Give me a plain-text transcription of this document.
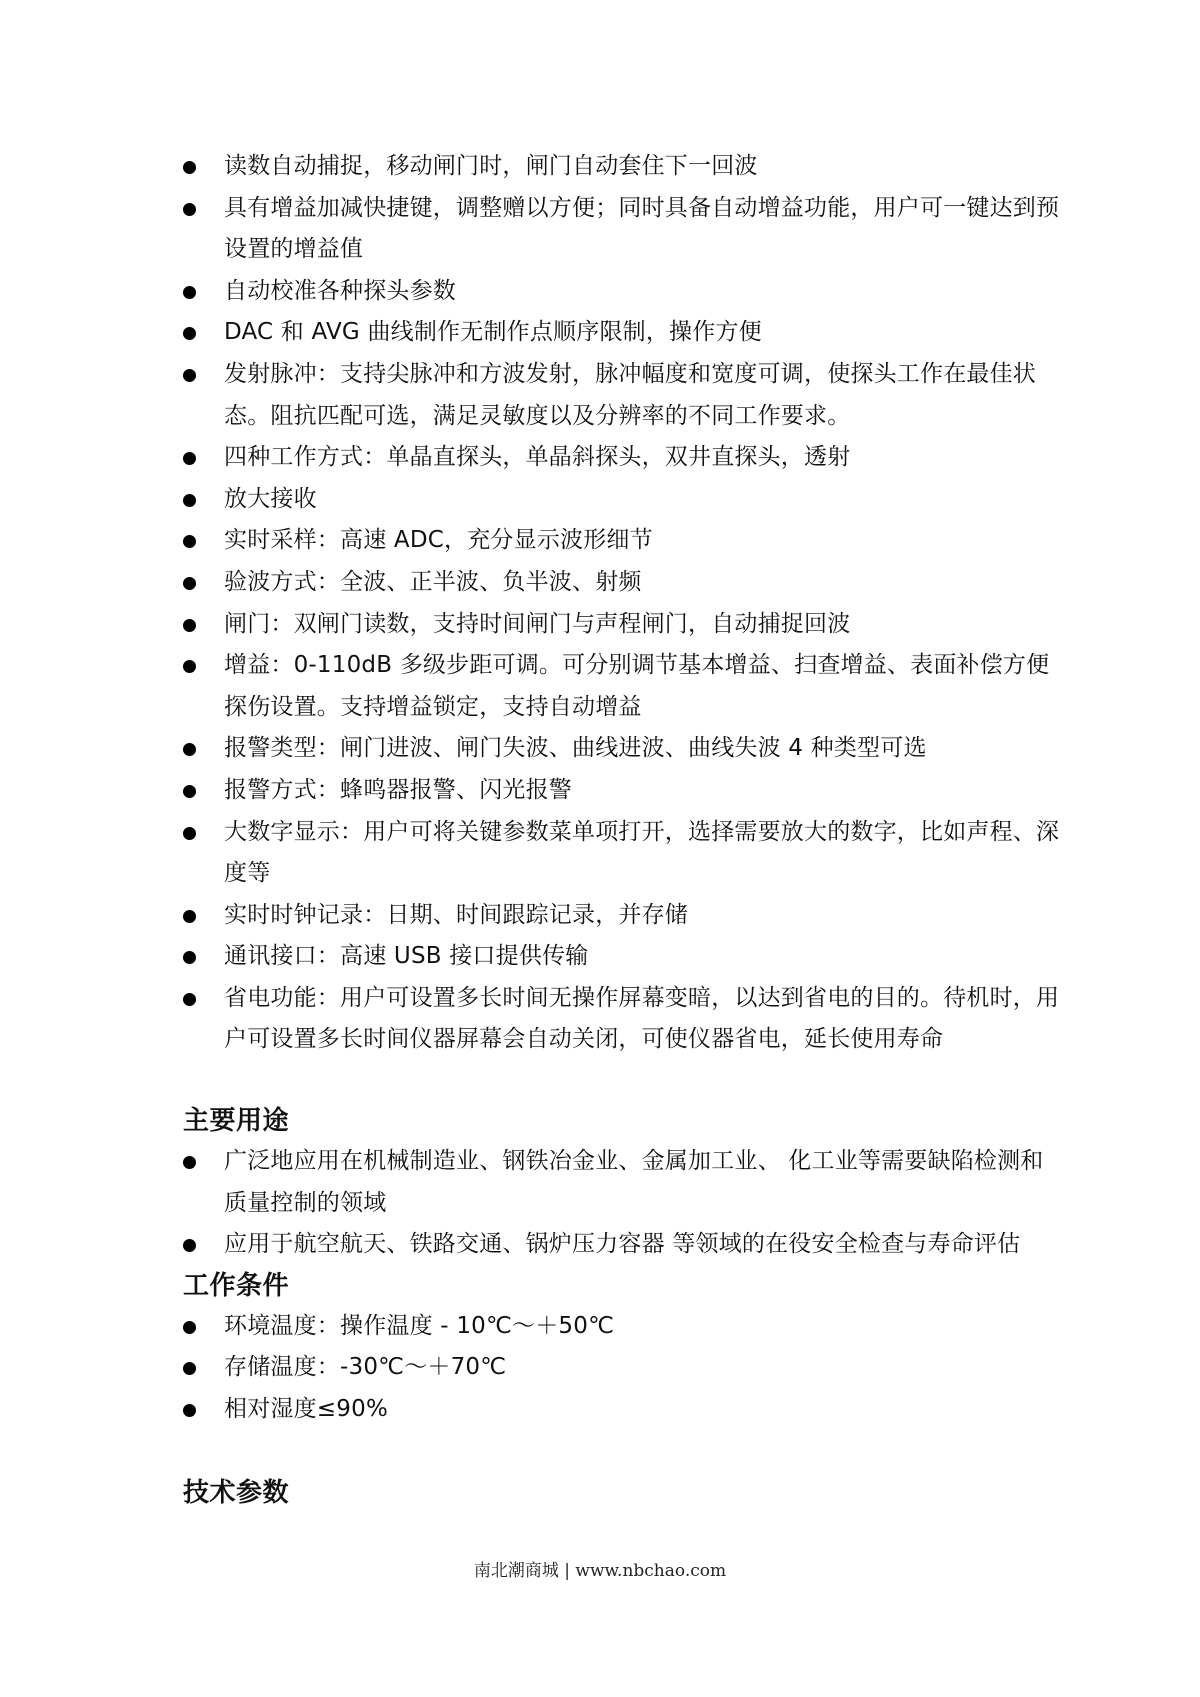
读数自动捕捉，移动闸门时，闸门自动套住下一回波
具有增益加减快捷键，调整赠以方便；同时具备自动增益功能，用户可一键达到预设置的增益值
自动校准各种探头参数
DAC 和 AVG 曲线制作无制作点顺序限制，操作方便
发射脉冲：支持尖脉冲和方波发射，脉冲幅度和宽度可调，使探头工作在最佳状态。阻抗匹配可选，满足灵敏度以及分辨率的不同工作要求。
四种工作方式：单晶直探头，单晶斜探头，双井直探头，透射
放大接收
实时采样：高速 ADC，充分显示波形细节
验波方式：全波、正半波、负半波、射频
闸门：双闸门读数，支持时间闸门与声程闸门，自动捕捉回波
增益：0-110dB 多级步距可调。可分别调节基本增益、扫查增益、表面补偿方便探伤设置。支持增益锁定，支持自动增益
报警类型：闸门进波、闸门失波、曲线进波、曲线失波 4 种类型可选
报警方式：蜂鸣器报警、闪光报警
大数字显示：用户可将关键参数菜单项打开，选择需要放大的数字，比如声程、深度等
实时时钟记录：日期、时间跟踪记录，并存储
通讯接口：高速 USB 接口提供传输
省电功能：用户可设置多长时间无操作屏幕变暗，以达到省电的目的。待机时，用户可设置多长时间仪器屏幕会自动关闭，可使仪器省电，延长使用寿命
主要用途
广泛地应用在机械制造业、钢铁冶金业、金属加工业、 化工业等需要缺陷检测和质量控制的领域
应用于航空航天、铁路交通、锅炉压力容器 等领域的在役安全检查与寿命评估
工作条件
环境温度：操作温度 - 10℃～＋50℃
存储温度：-30℃～＋70℃
相对湿度≤90%
技术参数
南北潮商城 | www.nbchao.com
